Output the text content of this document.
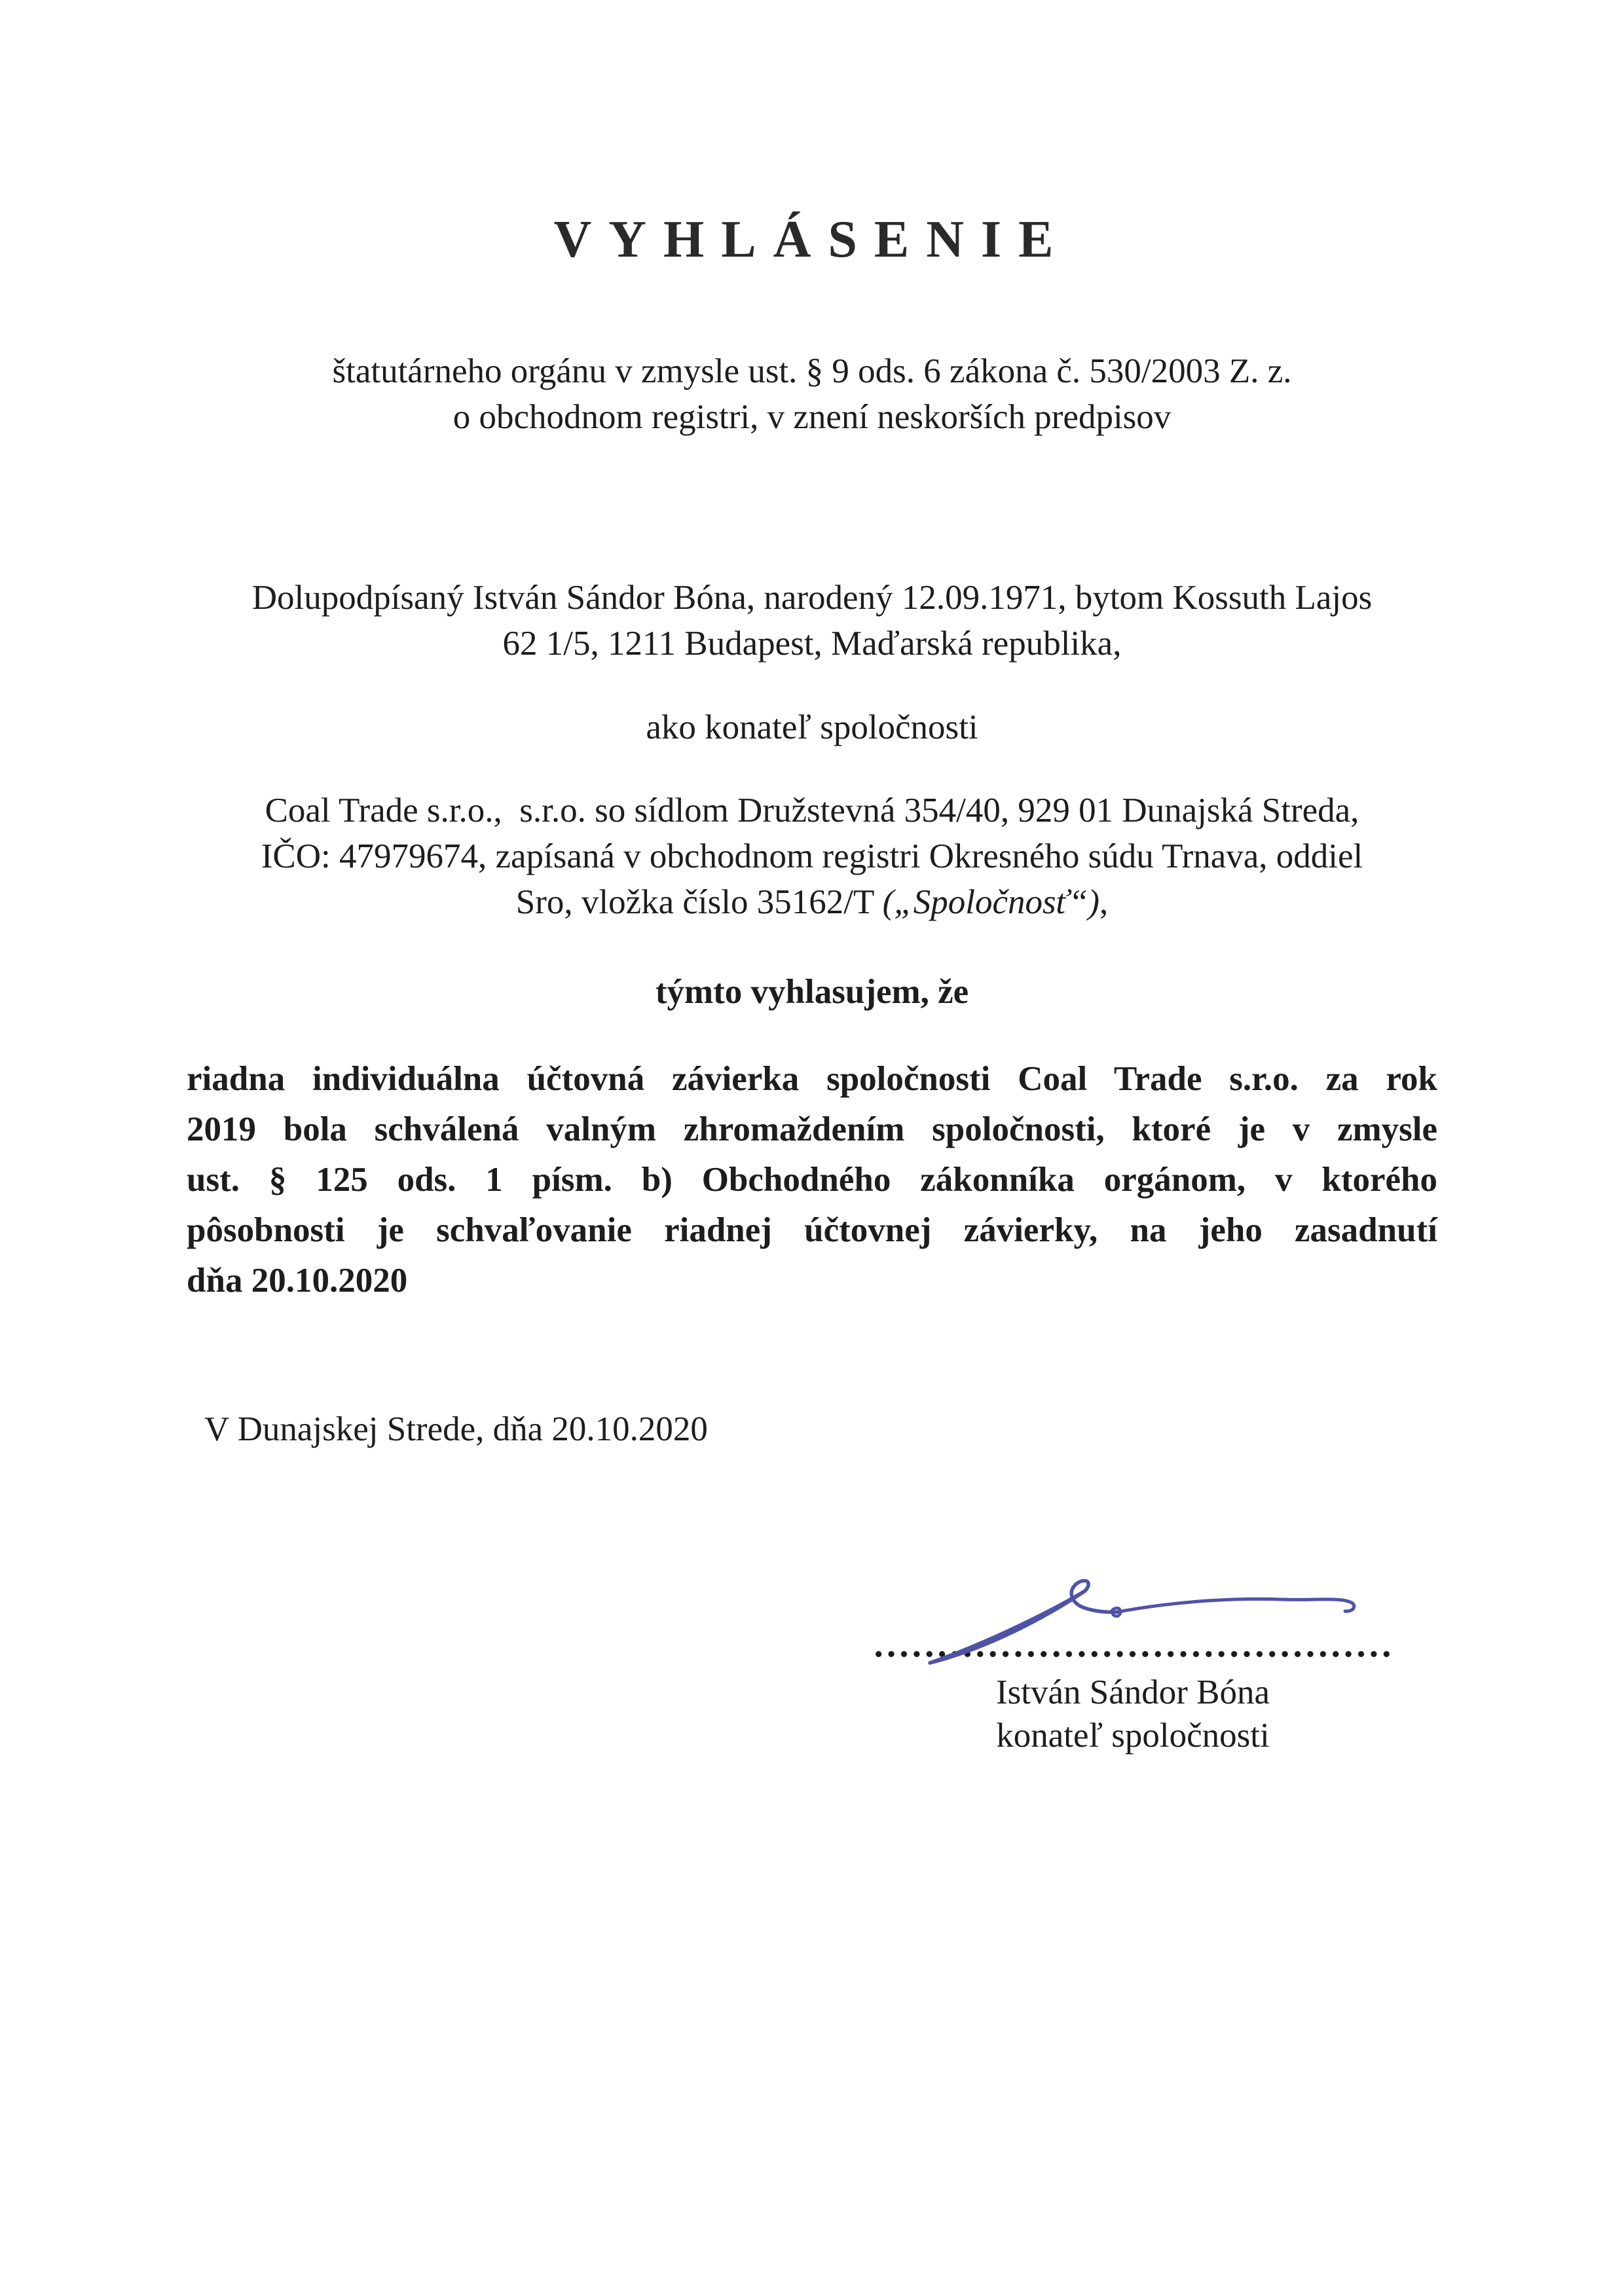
VYHLÁSENIE
štatutárneho orgánu v zmysle ust. § 9 ods. 6 zákona č. 530/2003 Z. z.
o obchodnom registri, v znení neskorších predpisov
Dolupodpísaný István Sándor Bóna, narodený 12.09.1971, bytom Kossuth Lajos
62 1/5, 1211 Budapest, Maďarská republika,
ako konateľ spoločnosti
Coal Trade s.r.o.,  s.r.o. so sídlom Družstevná 354/40, 929 01 Dunajská Streda,
IČO: 47979674, zapísaná v obchodnom registri Okresného súdu Trnava, oddiel
Sro, vložka číslo 35162/T („Spoločnosť“),
týmto vyhlasujem, že
riadna individuálna účtovná závierka spoločnosti Coal Trade s.r.o. za rok
2019 bola schválená valným zhromaždením spoločnosti, ktoré je v zmysle
ust. § 125 ods. 1 písm. b) Obchodného zákonníka orgánom, v ktorého
pôsobnosti je schvaľovanie riadnej účtovnej závierky, na jeho zasadnutí
dňa 20.10.2020
V Dunajskej Strede, dňa 20.10.2020
István Sándor Bóna
konateľ spoločnosti
